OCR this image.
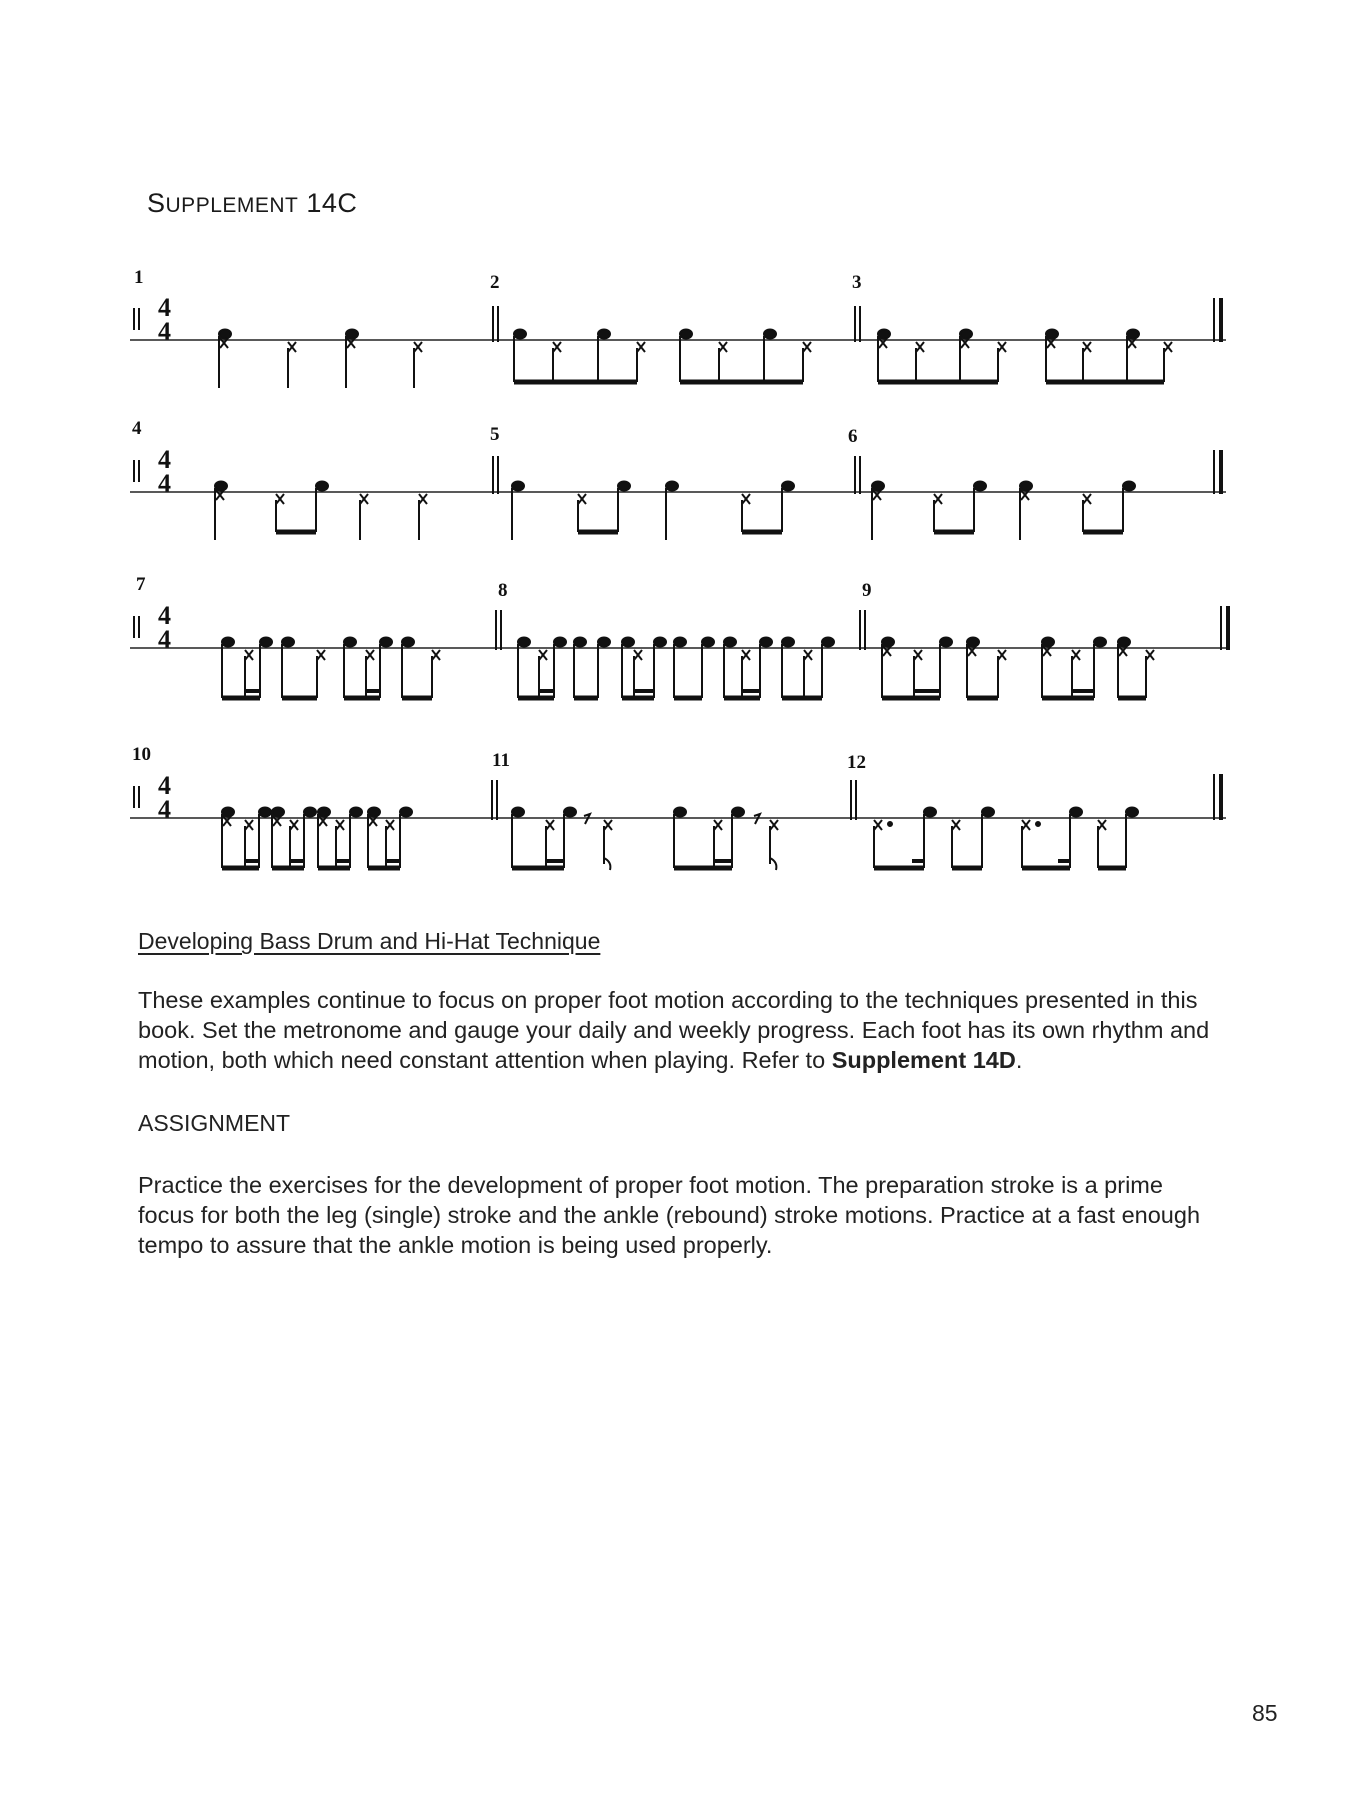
SUPPLEMENT 14C
1	2	3
4
4
4	5	6
4
4
7	8	9
4
4
10	11	12
4
4
Developing Bass Drum and Hi-Hat Technique

These examples continue to focus on proper foot motion according to the techniques presented in this book. Set the metronome and gauge your daily and weekly progress. Each foot has its own rhythm and motion, both which need constant attention when playing. Refer to Supplement 14D.

ASSIGNMENT

Practice the exercises for the development of proper foot motion. The preparation stroke is a prime focus for both the leg (single) stroke and the ankle (rebound) stroke motions. Practice at a fast enough tempo to assure that the ankle motion is being used properly.

85
